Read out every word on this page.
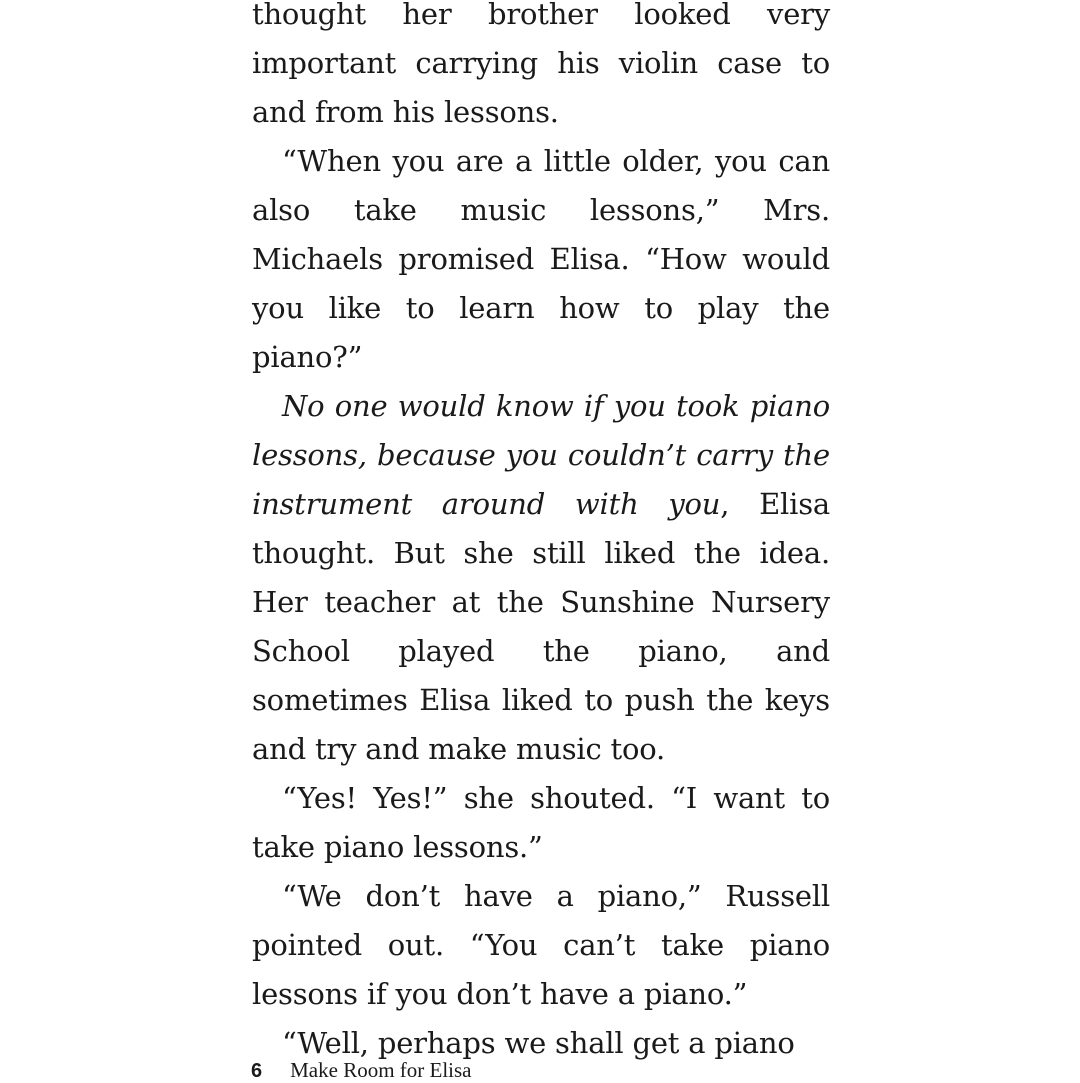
thought her brother looked very important carrying his violin case to and from his lessons.

“When you are a little older, you can also take music lessons,” Mrs. Michaels promised Elisa. “How would you like to learn how to play the piano?”

No one would know if you took piano lessons, because you couldn’t carry the instrument around with you, Elisa thought. But she still liked the idea. Her teacher at the Sunshine Nursery School played the piano, and sometimes Elisa liked to push the keys and try and make music too.

“Yes! Yes!” she shouted. “I want to take piano lessons.”

“We don’t have a piano,” Russell pointed out. “You can’t take piano lessons if you don’t have a piano.”

“Well, perhaps we shall get a piano

6 Make Room for Elisa
